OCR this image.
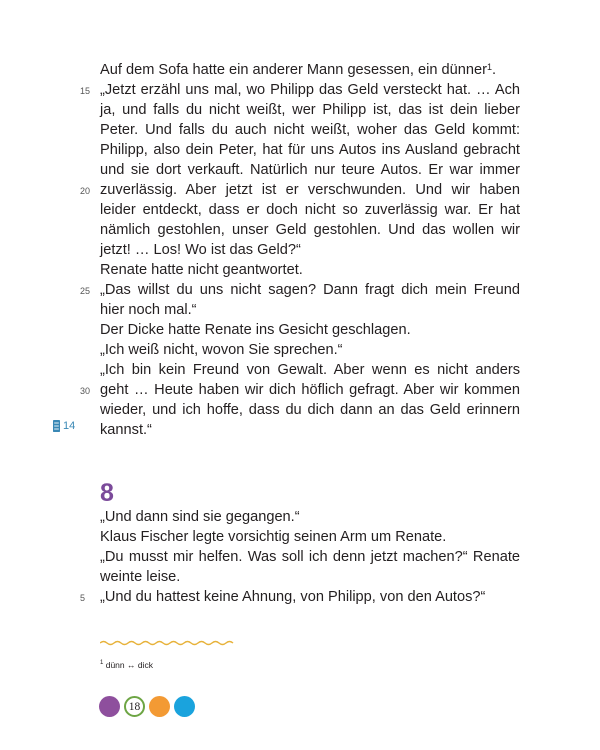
Auf dem Sofa hatte ein anderer Mann gesessen, ein dünner$^1$.
15 „Jetzt erzähl uns mal, wo Philipp das Geld versteckt hat. … Ach
ja, und falls du nicht weißt, wer Philipp ist, das ist dein lieber
Peter. Und falls du auch nicht weißt, woher das Geld kommt:
Philipp, also dein Peter, hat für uns Autos ins Ausland gebracht
und sie dort verkauft. Natürlich nur teure Autos. Er war immer
20 zuverlässig. Aber jetzt ist er verschwunden. Und wir haben
leider entdeckt, dass er doch nicht so zuverlässig war. Er hat
nämlich gestohlen, unser Geld gestohlen. Und das wollen wir
jetzt! … Los! Wo ist das Geld?“
Renate hatte nicht geantwortet.
25 „Das willst du uns nicht sagen? Dann fragt dich mein Freund
hier noch mal.“
Der Dicke hatte Renate ins Gesicht geschlagen.
„Ich weiß nicht, wovon Sie sprechen.“
„Ich bin kein Freund von Gewalt. Aber wenn es nicht anders
30 geht … Heute haben wir dich höflich gefragt. Aber wir kommen
wieder, und ich hoffe, dass du dich dann an das Geld erinnern
kannst.“
14
8
„Und dann sind sie gegangen.“
Klaus Fischer legte vorsichtig seinen Arm um Renate.
„Du musst mir helfen. Was soll ich denn jetzt machen?“ Renate
weinte leise.
5 „Und du hattest keine Ahnung, von Philipp, von den Autos?“
$^1$ dünn ↔ dick
18
